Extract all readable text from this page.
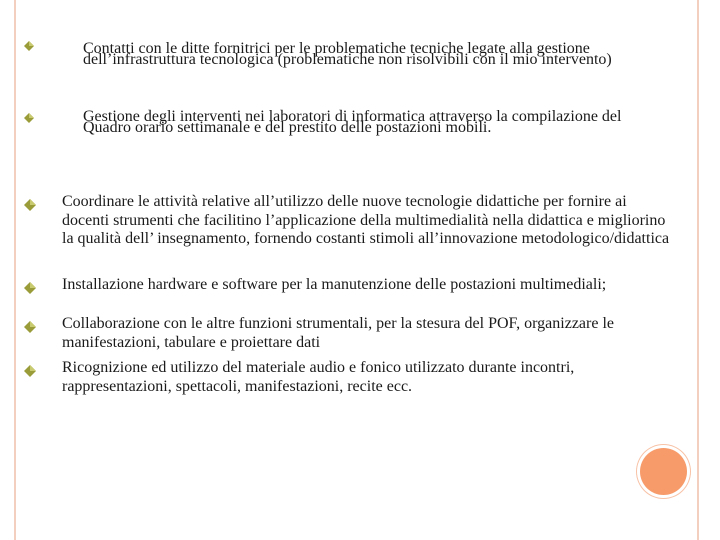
Contatti con le ditte fornitrici per le problematiche tecniche legate alla gestione dell’infrastruttura tecnologica (problematiche non risolvibili con il mio intervento)
Gestione degli interventi nei laboratori di informatica attraverso la compilazione del Quadro orario settimanale e del prestito delle postazioni mobili.
Coordinare le attività relative all’utilizzo delle nuove tecnologie didattiche per fornire ai docenti strumenti che facilitino l’applicazione della multimedialità nella didattica e migliorino la qualità dell’ insegnamento, fornendo costanti stimoli all’innovazione metodologico/didattica
Installazione hardware e software per la manutenzione delle postazioni multimediali;
Collaborazione con le altre funzioni strumentali, per la stesura del POF, organizzare le manifestazioni, tabulare e proiettare dati
Ricognizione ed utilizzo del materiale audio e fonico utilizzato durante incontri, rappresentazioni, spettacoli, manifestazioni, recite ecc.
